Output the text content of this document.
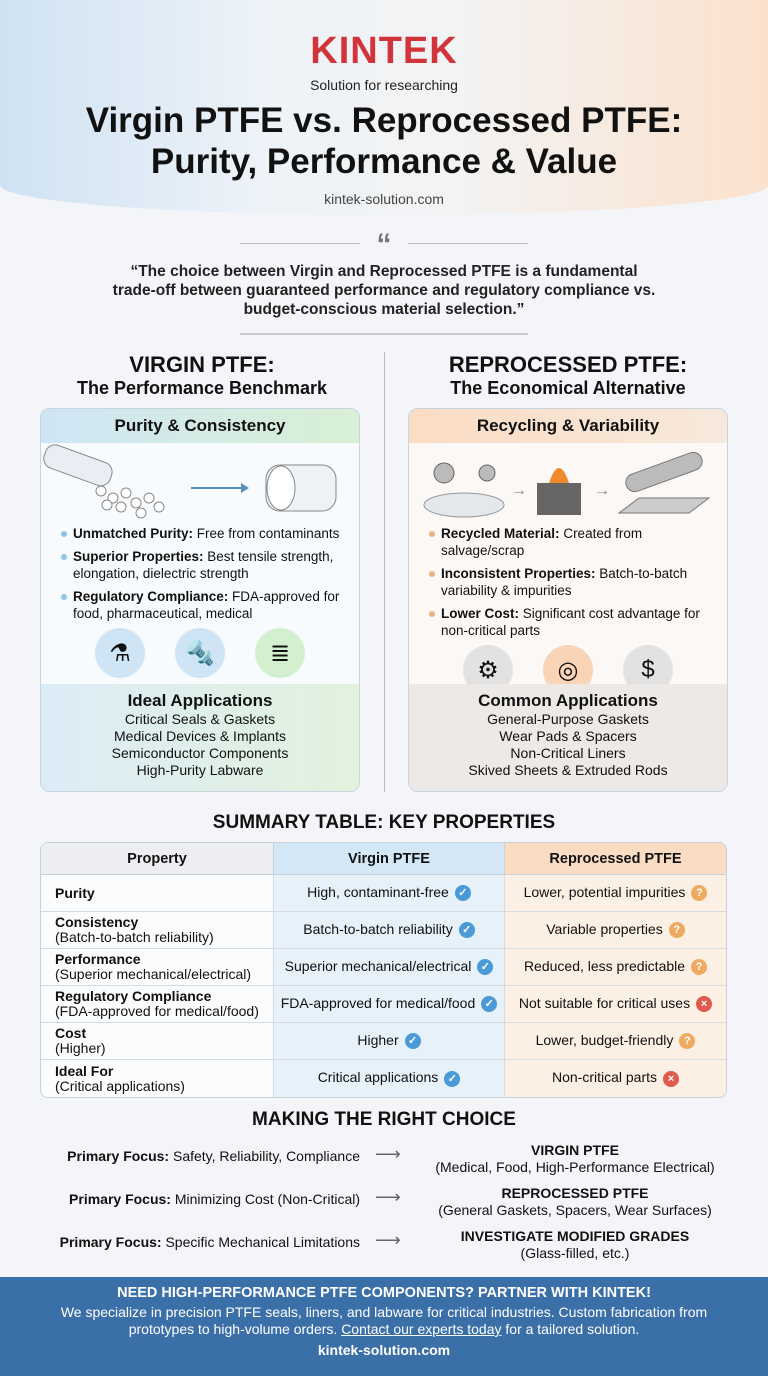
KINTEK
Solution for researching
Virgin PTFE vs. Reprocessed PTFE:
Purity, Performance & Value
kintek-solution.com
“
“The choice between Virgin and Reprocessed PTFE is a fundamental trade-off between guaranteed performance and regulatory compliance vs. budget-conscious material selection.”
VIRGIN PTFE:
The Performance Benchmark
REPROCESSED PTFE:
The Economical Alternative
Purity & Consistency
Unmatched Purity: Free from contaminants
Superior Properties: Best tensile strength, elongation, dielectric strength
Regulatory Compliance: FDA-approved for food, pharmaceutical, medical
⚗	🔩	≣
Ideal Applications
Critical Seals & Gaskets
Medical Devices & Implants
Semiconductor Components
High-Purity Labware
Recycling & Variability
→	→
Recycled Material: Created from salvage/scrap
Inconsistent Properties: Batch-to-batch variability & impurities
Lower Cost: Significant cost advantage for non-critical parts
⚙	◎	$
Common Applications
General-Purpose Gaskets
Wear Pads & Spacers
Non-Critical Liners
Skived Sheets & Extruded Rods
SUMMARY TABLE: KEY PROPERTIES
Property	Virgin PTFE	Reprocessed PTFE

Purity	High, contaminant-free ✓	Lower, potential impurities ?

Consistency
(Batch-to-batch reliability)	Batch-to-batch reliability ✓	Variable properties ?

Performance
(Superior mechanical/electrical)	Superior mechanical/electrical ✓	Reduced, less predictable ?

Regulatory Compliance
(FDA-approved for medical/food)	FDA-approved for medical/food ✓	Not suitable for critical uses ×

Cost
(Higher)	Higher ✓	Lower, budget-friendly ?

Ideal For
(Critical applications)	Critical applications ✓	Non-critical parts ×
MAKING THE RIGHT CHOICE
Primary Focus: Safety, Reliability, Compliance ⟶	VIRGIN PTFE
(Medical, Food, High-Performance Electrical)
Primary Focus: Minimizing Cost (Non-Critical) ⟶	REPROCESSED PTFE
(General Gaskets, Spacers, Wear Surfaces)
Primary Focus: Specific Mechanical Limitations ⟶	INVESTIGATE MODIFIED GRADES
(Glass-filled, etc.)
NEED HIGH-PERFORMANCE PTFE COMPONENTS? PARTNER WITH KINTEK!
We specialize in precision PTFE seals, liners, and labware for critical industries. Custom fabrication from prototypes to high-volume orders. Contact our experts today for a tailored solution.
kintek-solution.com
